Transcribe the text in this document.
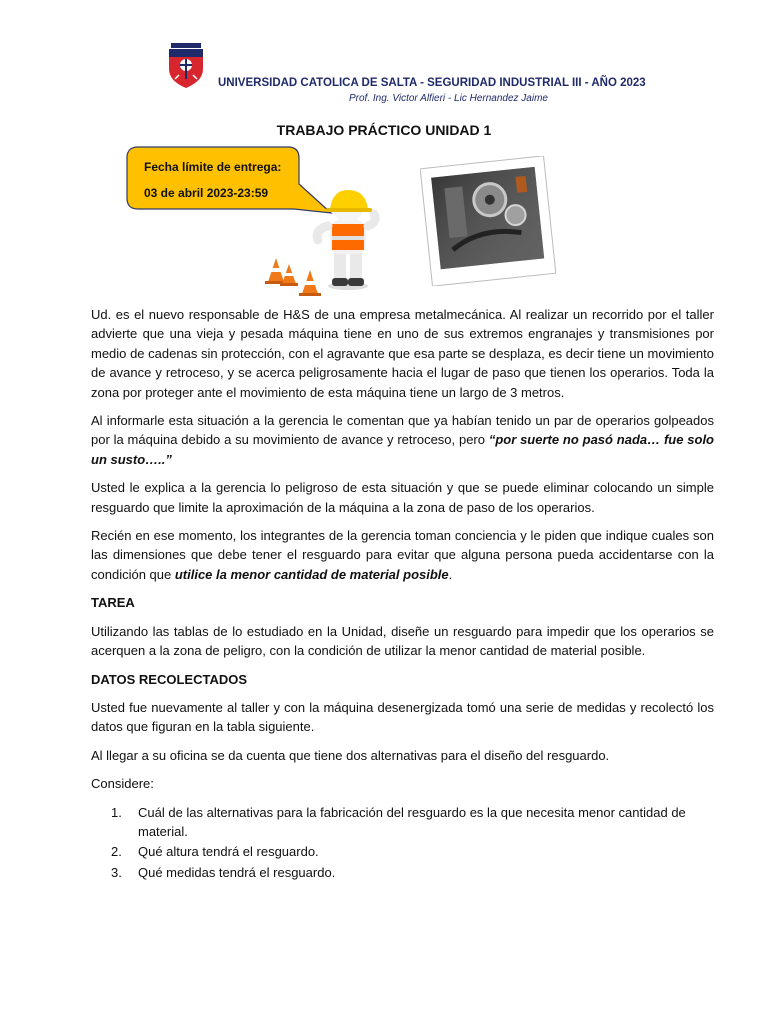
UNIVERSIDAD CATOLICA DE SALTA - SEGURIDAD INDUSTRIAL III - AÑO 2023
Prof. Ing. Victor Alfieri - Lic Hernandez Jaime
TRABAJO PRÁCTICO UNIDAD 1
Fecha límite de entrega:
03 de abril 2023-23:59

Ud. es el nuevo responsable de H&S de una empresa metalmecánica. Al realizar un recorrido por el taller advierte que una vieja y pesada máquina tiene en uno de sus extremos engranajes y transmisiones por medio de cadenas sin protección, con el agravante que esa parte se desplaza, es decir tiene un movimiento de avance y retroceso, y se acerca peligrosamente hacia el lugar de paso que tienen los operarios. Toda la zona por proteger ante el movimiento de esta máquina tiene un largo de 3 metros.

Al informarle esta situación a la gerencia le comentan que ya habían tenido un par de operarios golpeados por la máquina debido a su movimiento de avance y retroceso, pero “por suerte no pasó nada… fue solo un susto…..”

Usted le explica a la gerencia lo peligroso de esta situación y que se puede eliminar colocando un simple resguardo que limite la aproximación de la máquina a la zona de paso de los operarios.

Recién en ese momento, los integrantes de la gerencia toman conciencia y le piden que indique cuales son las dimensiones que debe tener el resguardo para evitar que alguna persona pueda accidentarse con la condición que utilice la menor cantidad de material posible.

TAREA

Utilizando las tablas de lo estudiado en la Unidad, diseñe un resguardo para impedir que los operarios se acerquen a la zona de peligro, con la condición de utilizar la menor cantidad de material posible.

DATOS RECOLECTADOS

Usted fue nuevamente al taller y con la máquina desenergizada tomó una serie de medidas y recolectó los datos que figuran en la tabla siguiente.

Al llegar a su oficina se da cuenta que tiene dos alternativas para el diseño del resguardo.

Considere:

1. Cuál de las alternativas para la fabricación del resguardo es la que necesita menor cantidad de material.
2. Qué altura tendrá el resguardo.
3. Qué medidas tendrá el resguardo.
